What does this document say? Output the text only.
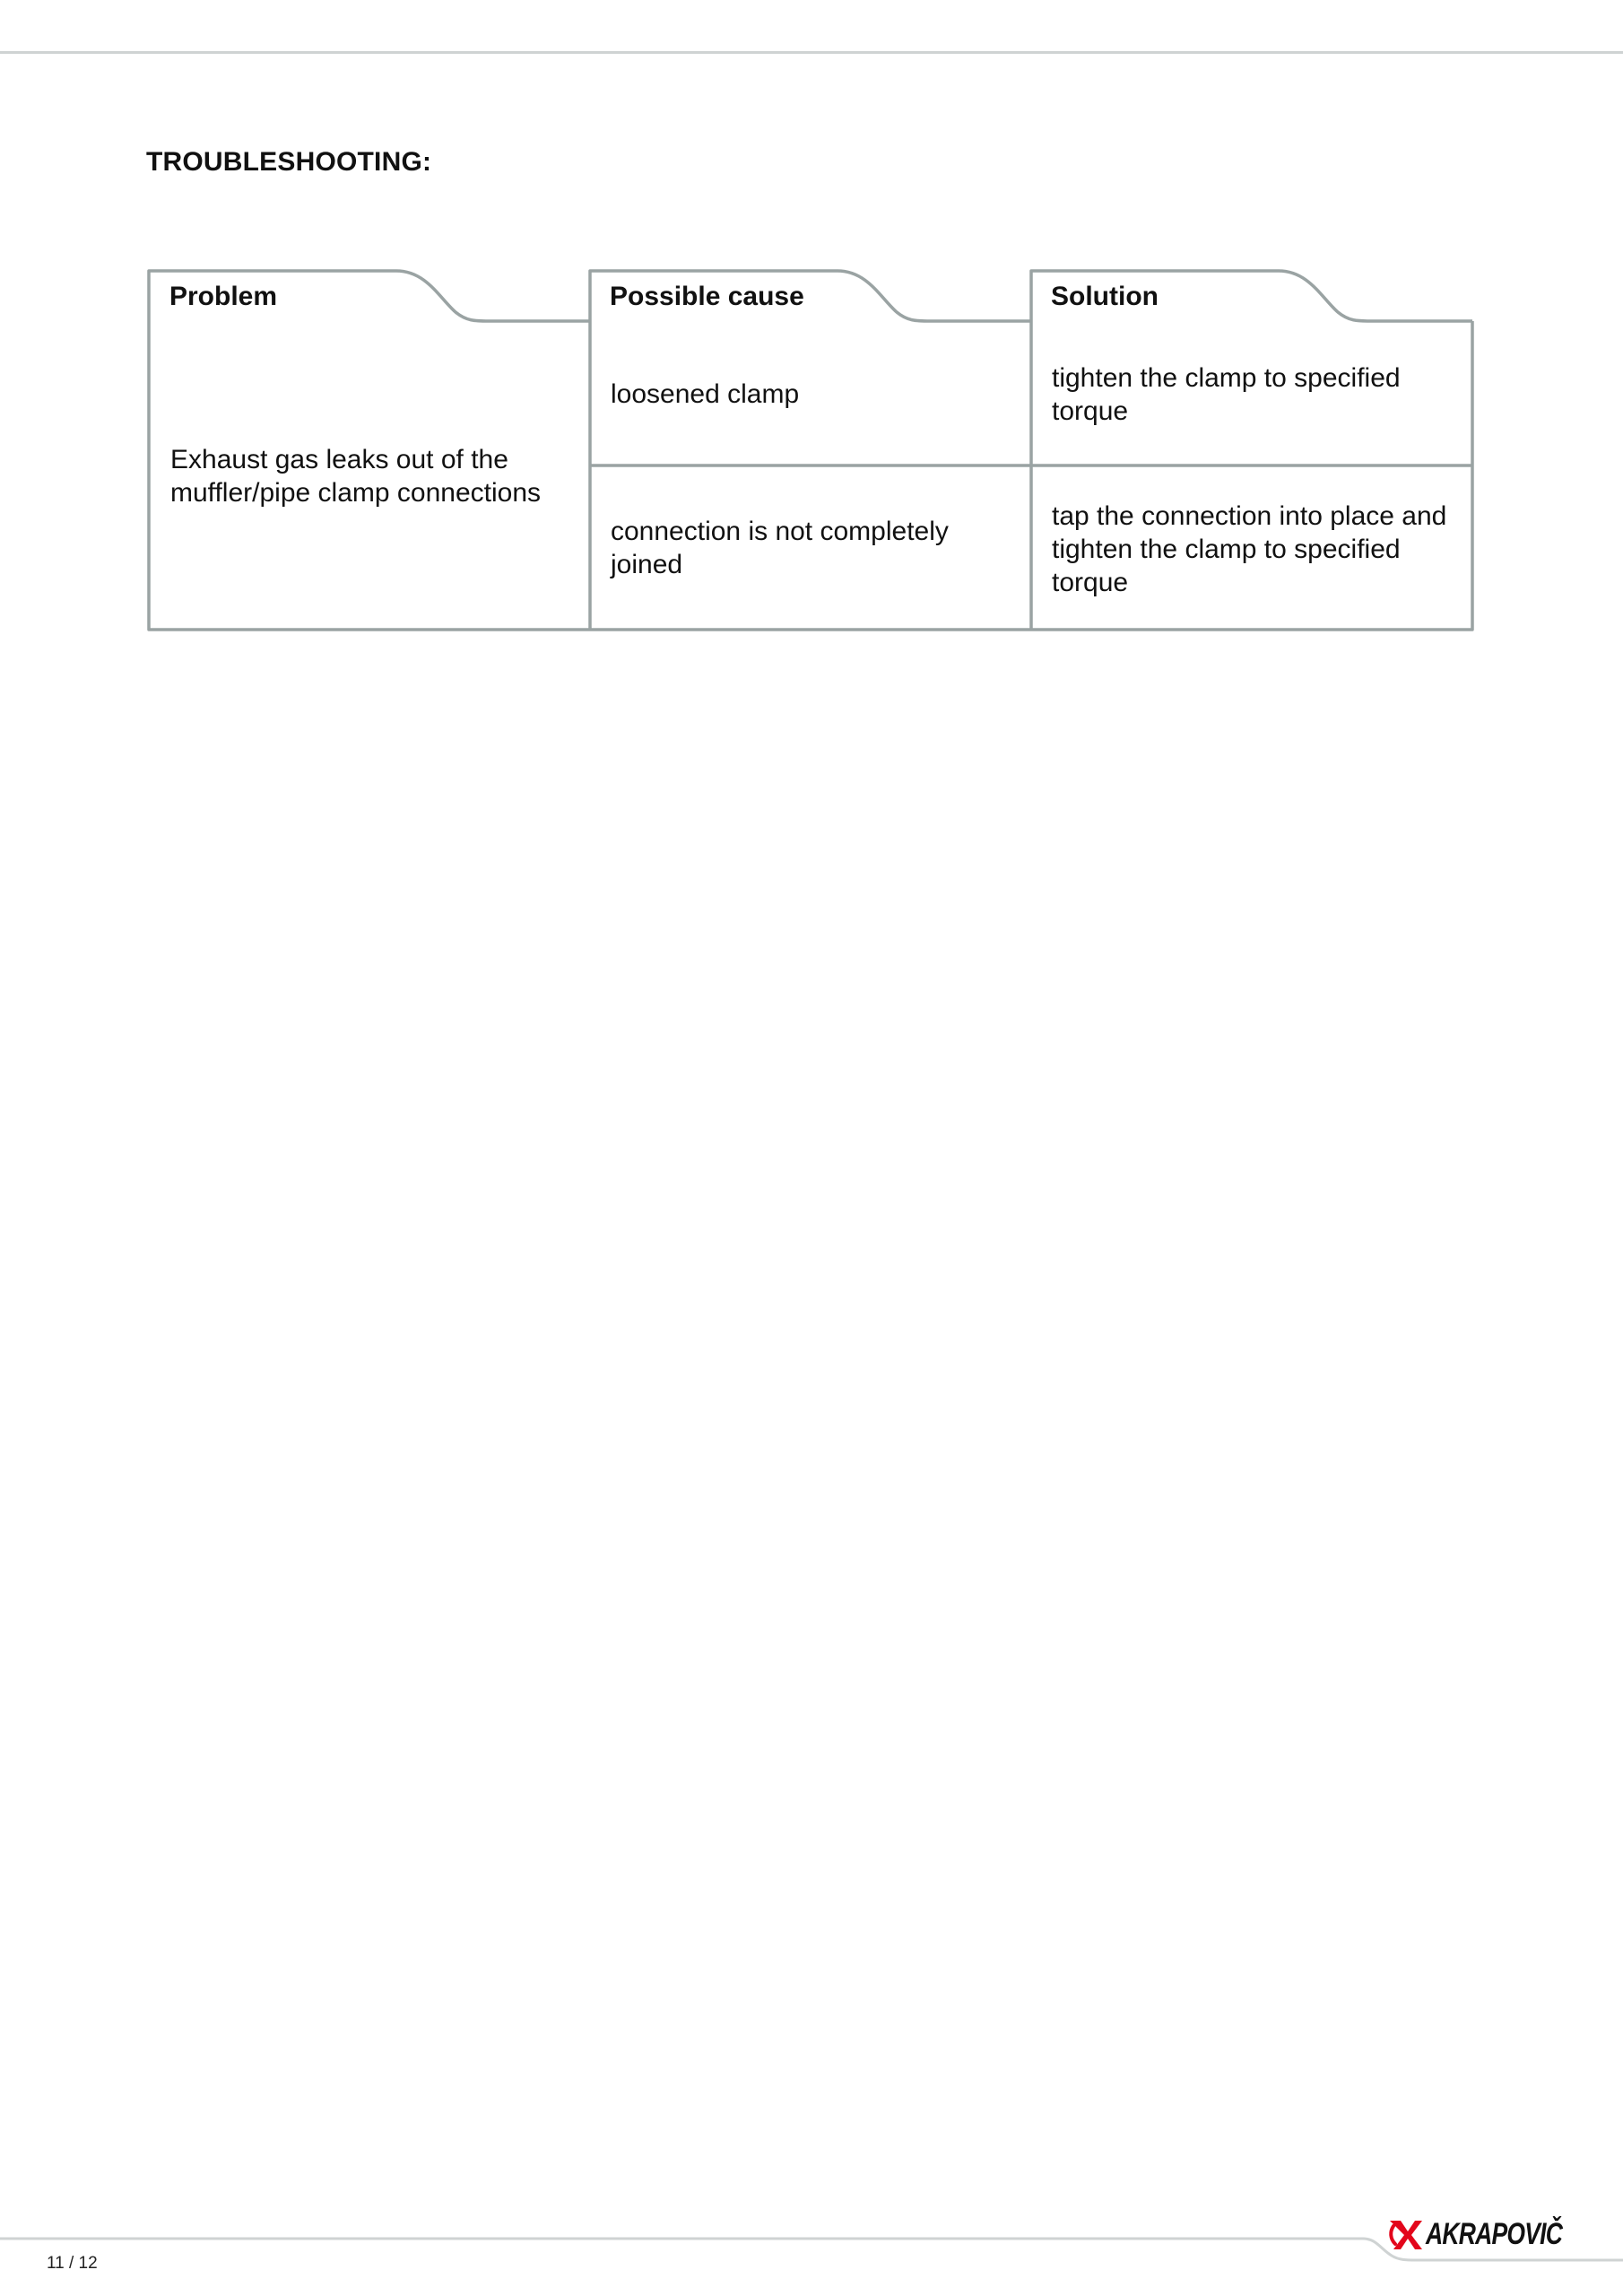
TROUBLESHOOTING:
Problem	Possible cause	Solution
Exhaust gas leaks out of the
muffler/pipe clamp connections
loosened clamp
tighten the clamp to specified
torque
connection is not completely
joined
tap the connection into place and
tighten the clamp to specified
torque
11 / 12
AKRAPOVIČ
